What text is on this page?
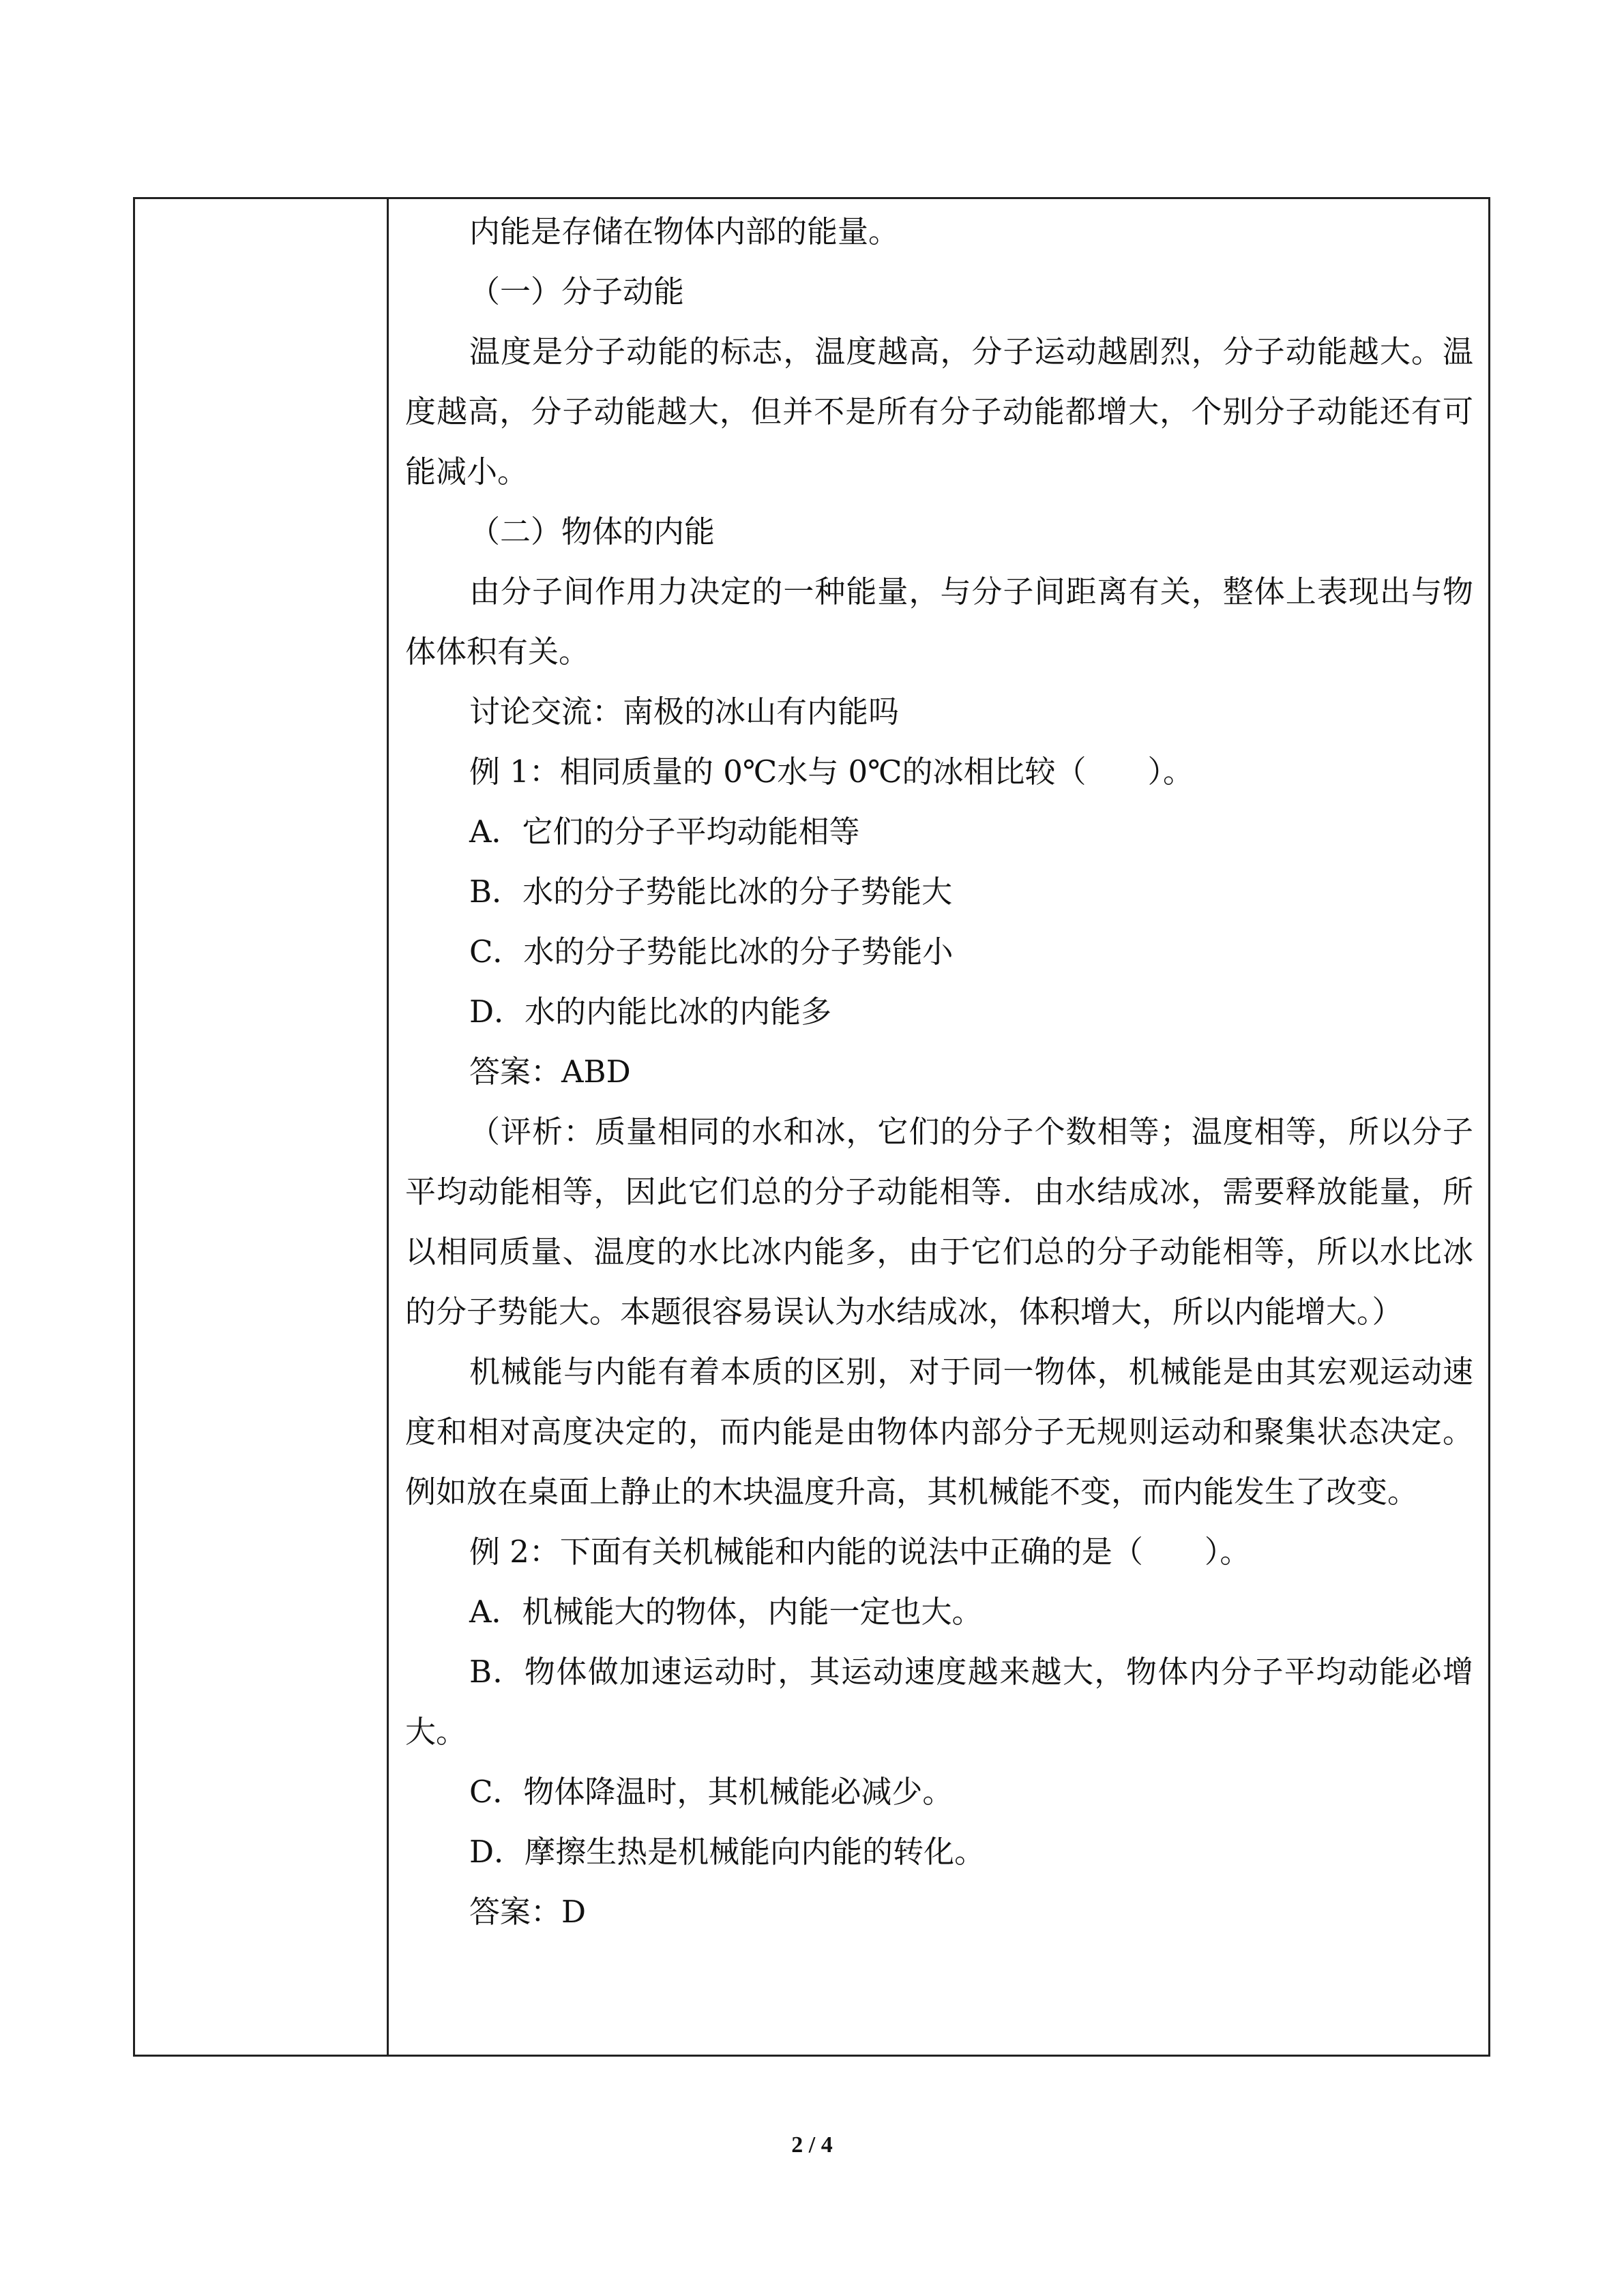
内能是存储在物体内部的能量。

（一）分子动能

温度是分子动能的标志，温度越高，分子运动越剧烈，分子动能越大。温度越高，分子动能越大，但并不是所有分子动能都增大，个别分子动能还有可能减小。

（二）物体的内能

由分子间作用力决定的一种能量，与分子间距离有关，整体上表现出与物体体积有关。

讨论交流：南极的冰山有内能吗

例 1：相同质量的 0℃水与 0℃的冰相比较（　　）。

A．它们的分子平均动能相等

B．水的分子势能比冰的分子势能大

C．水的分子势能比冰的分子势能小

D．水的内能比冰的内能多

答案：ABD

（评析：质量相同的水和冰，它们的分子个数相等；温度相等，所以分子平均动能相等，因此它们总的分子动能相等．由水结成冰，需要释放能量，所以相同质量、温度的水比冰内能多，由于它们总的分子动能相等，所以水比冰的分子势能大。本题很容易误认为水结成冰，体积增大，所以内能增大。）

机械能与内能有着本质的区别，对于同一物体，机械能是由其宏观运动速度和相对高度决定的，而内能是由物体内部分子无规则运动和聚集状态决定。例如放在桌面上静止的木块温度升高，其机械能不变，而内能发生了改变。

例 2：下面有关机械能和内能的说法中正确的是（　　）。

A．机械能大的物体，内能一定也大。

B．物体做加速运动时，其运动速度越来越大，物体内分子平均动能必增大。

C．物体降温时，其机械能必减少。

D．摩擦生热是机械能向内能的转化。

答案：D

2 / 4
